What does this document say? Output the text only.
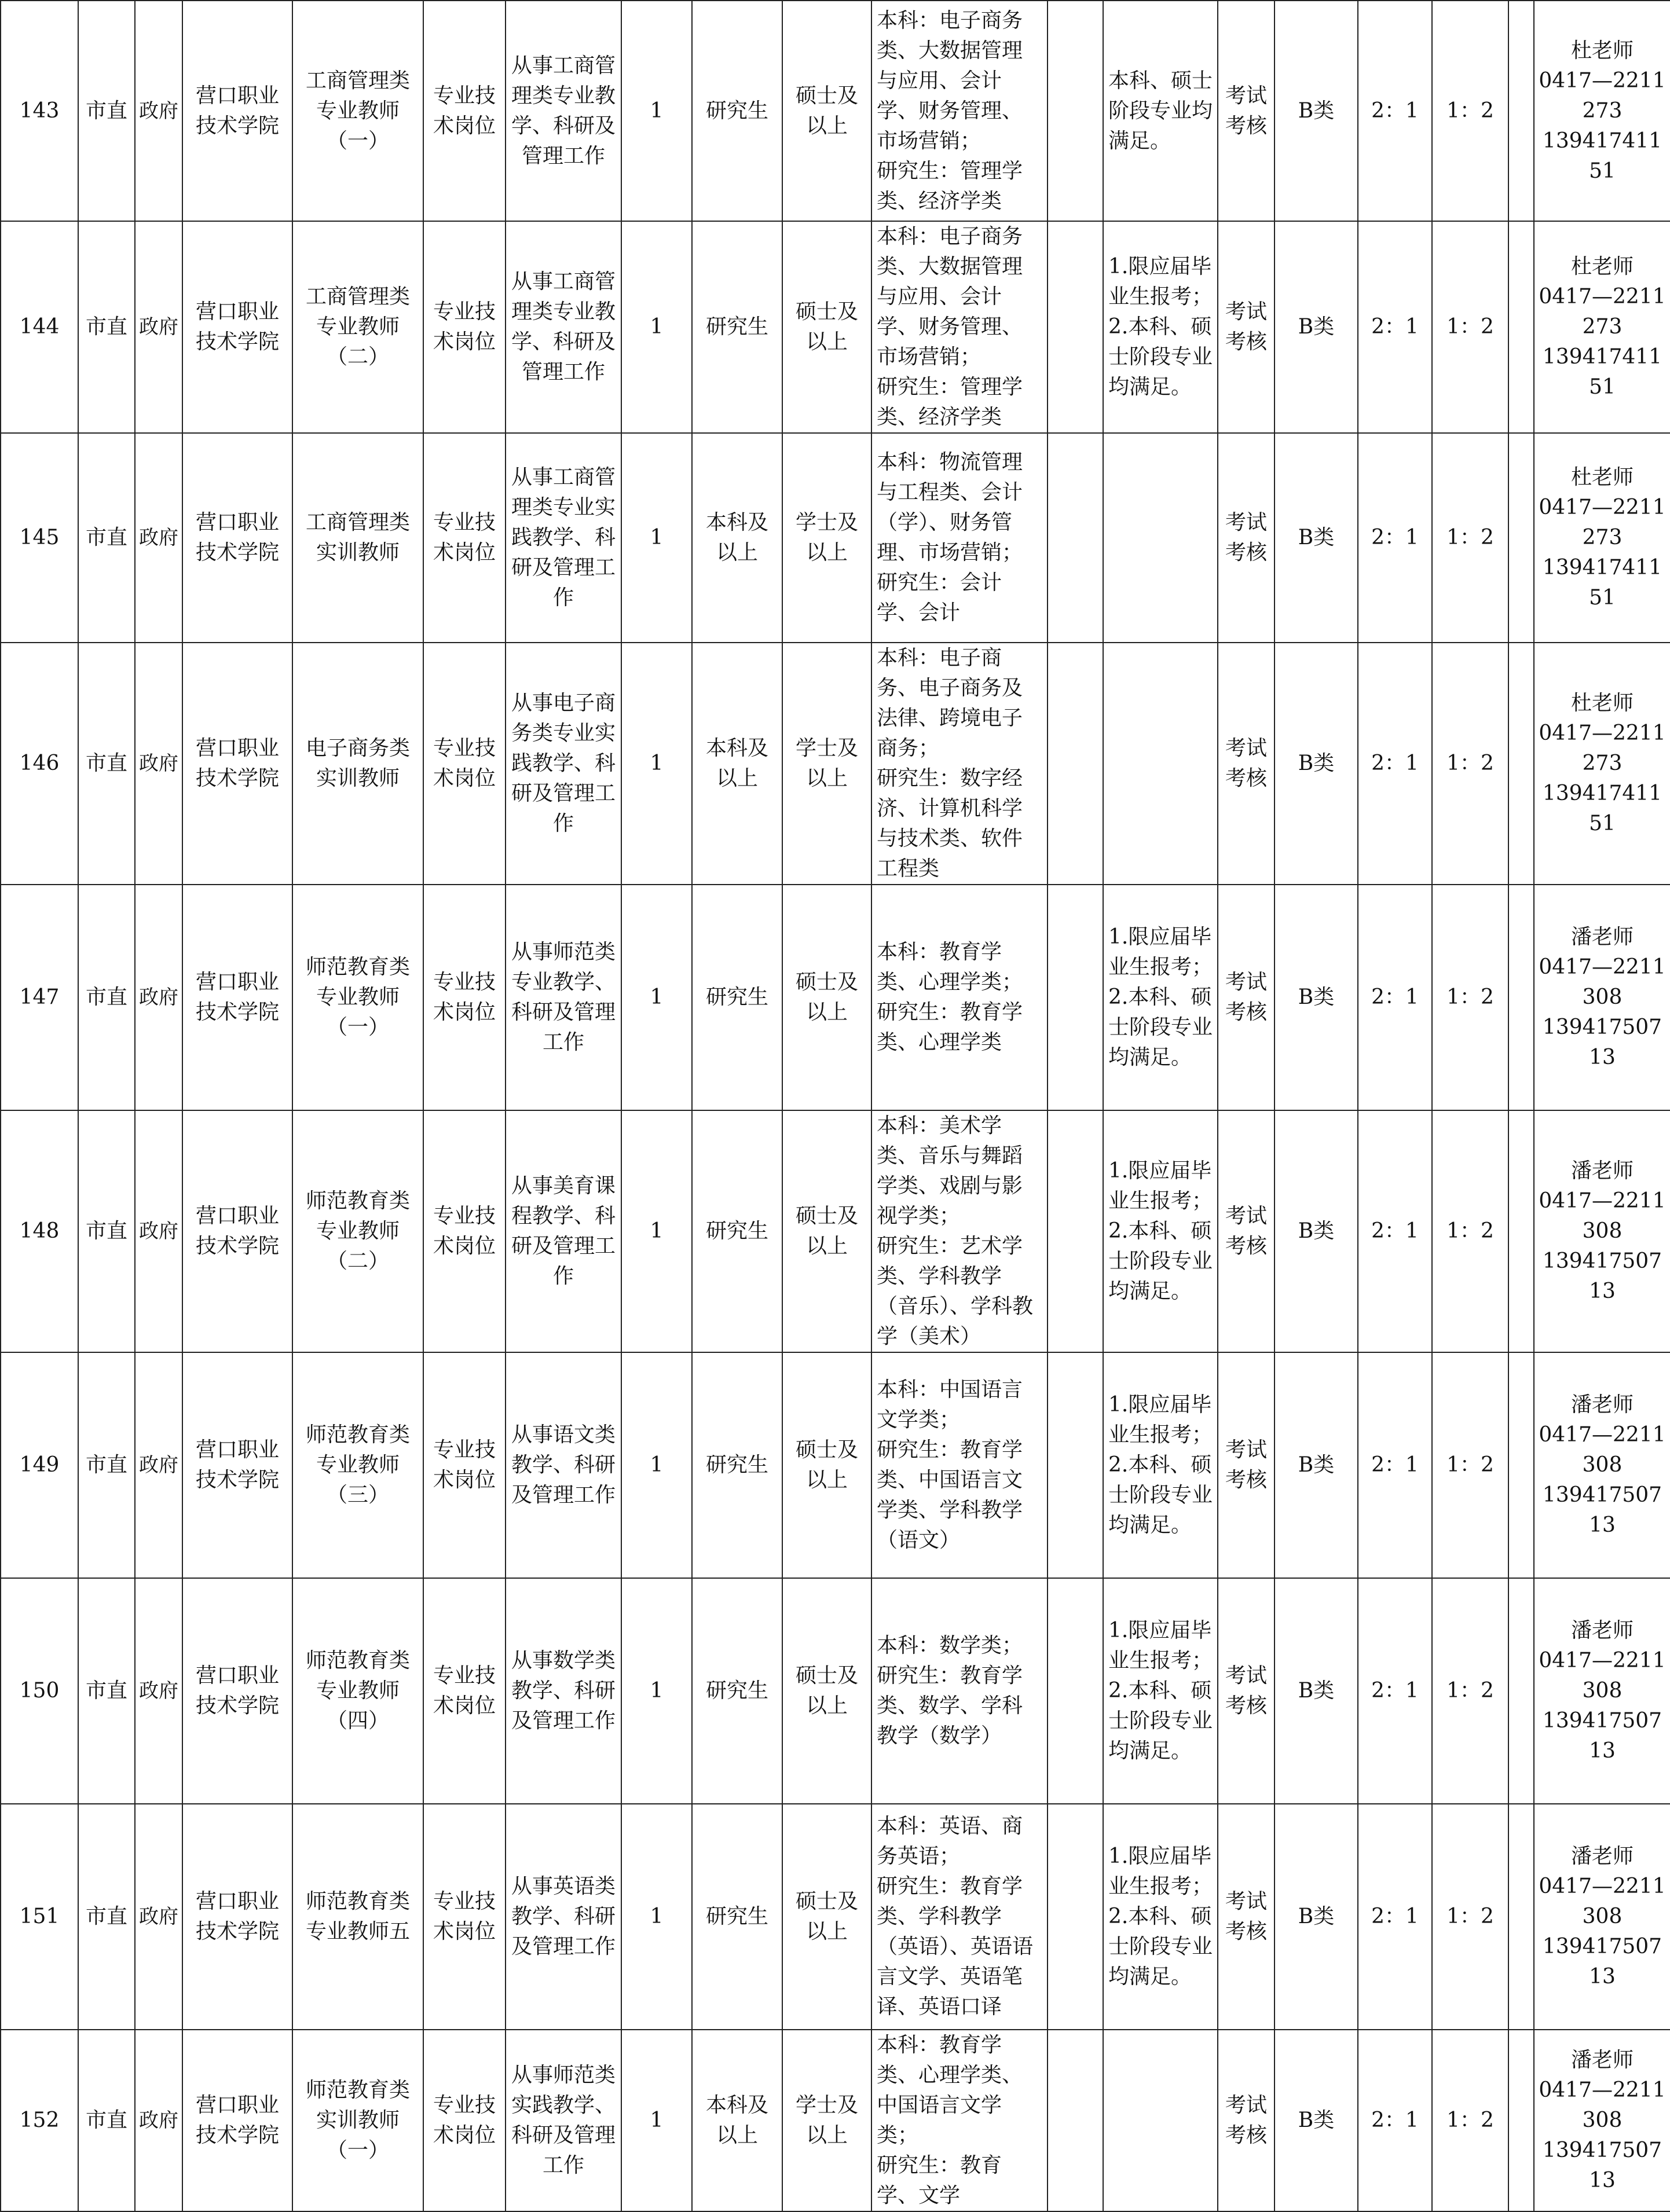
143	市直	政府	营口职业技术学院	工商管理类专业教师（一）	专业技术岗位	从事工商管理类专业教学、科研及管理工作	1	研究生	硕士及以上	本科：电子商务类、大数据管理与应用、会计学、财务管理、市场营销；
研究生：管理学类、经济学类		本科、硕士阶段专业均满足。	考试考核	B类	2：1	1：2		杜老师
0417—2211273
13941741151
144	市直	政府	营口职业技术学院	工商管理类专业教师（二）	专业技术岗位	从事工商管理类专业教学、科研及管理工作	1	研究生	硕士及以上	本科：电子商务类、大数据管理与应用、会计学、财务管理、市场营销；
研究生：管理学类、经济学类		1.限应届毕业生报考；
2.本科、硕士阶段专业均满足。	考试考核	B类	2：1	1：2		杜老师
0417—2211273
13941741151
145	市直	政府	营口职业技术学院	工商管理类实训教师	专业技术岗位	从事工商管理类专业实践教学、科研及管理工作	1	本科及以上	学士及以上	本科：物流管理与工程类、会计（学）、财务管理、市场营销；
研究生：会计学、会计			考试考核	B类	2：1	1：2		杜老师
0417—2211273
13941741151
146	市直	政府	营口职业技术学院	电子商务类实训教师	专业技术岗位	从事电子商务类专业实践教学、科研及管理工作	1	本科及以上	学士及以上	本科：电子商务、电子商务及法律、跨境电子商务；
研究生：数字经济、计算机科学与技术类、软件工程类			考试考核	B类	2：1	1：2		杜老师
0417—2211273
13941741151
147	市直	政府	营口职业技术学院	师范教育类专业教师（一）	专业技术岗位	从事师范类专业教学、科研及管理工作	1	研究生	硕士及以上	本科：教育学类、心理学类；
研究生：教育学类、心理学类		1.限应届毕业生报考；
2.本科、硕士阶段专业均满足。	考试考核	B类	2：1	1：2		潘老师
0417—2211308
13941750713
148	市直	政府	营口职业技术学院	师范教育类专业教师（二）	专业技术岗位	从事美育课程教学、科研及管理工作	1	研究生	硕士及以上	本科：美术学类、音乐与舞蹈学类、戏剧与影视学类；
研究生：艺术学类、学科教学（音乐）、学科教学（美术）		1.限应届毕业生报考；
2.本科、硕士阶段专业均满足。	考试考核	B类	2：1	1：2		潘老师
0417—2211308
13941750713
149	市直	政府	营口职业技术学院	师范教育类专业教师（三）	专业技术岗位	从事语文类教学、科研及管理工作	1	研究生	硕士及以上	本科：中国语言文学类；
研究生：教育学类、中国语言文学类、学科教学（语文）		1.限应届毕业生报考；
2.本科、硕士阶段专业均满足。	考试考核	B类	2：1	1：2		潘老师
0417—2211308
13941750713
150	市直	政府	营口职业技术学院	师范教育类专业教师（四）	专业技术岗位	从事数学类教学、科研及管理工作	1	研究生	硕士及以上	本科：数学类；
研究生：教育学类、数学、学科教学（数学）		1.限应届毕业生报考；
2.本科、硕士阶段专业均满足。	考试考核	B类	2：1	1：2		潘老师
0417—2211308
13941750713
151	市直	政府	营口职业技术学院	师范教育类专业教师五	专业技术岗位	从事英语类教学、科研及管理工作	1	研究生	硕士及以上	本科：英语、商务英语；
研究生：教育学类、学科教学（英语）、英语语言文学、英语笔译、英语口译		1.限应届毕业生报考；
2.本科、硕士阶段专业均满足。	考试考核	B类	2：1	1：2		潘老师
0417—2211308
13941750713
152	市直	政府	营口职业技术学院	师范教育类实训教师（一）	专业技术岗位	从事师范类实践教学、科研及管理工作	1	本科及以上	学士及以上	本科：教育学类、心理学类、中国语言文学类；
研究生：教育学、文学			考试考核	B类	2：1	1：2		潘老师
0417—2211308
13941750713
